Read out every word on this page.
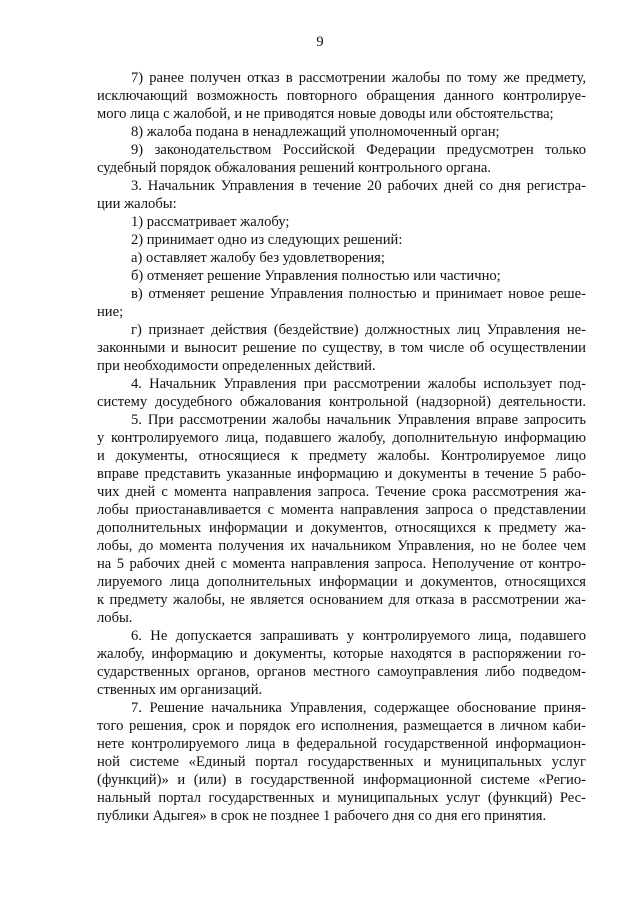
9
7) ранее получен отказ в рассмотрении жалобы по тому же предмету,
исключающий возможность повторного обращения данного контролируе-
мого лица с жалобой, и не приводятся новые доводы или обстоятельства;
8) жалоба подана в ненадлежащий уполномоченный орган;
9) законодательством Российской Федерации предусмотрен только
судебный порядок обжалования решений контрольного органа.
3. Начальник Управления в течение 20 рабочих дней со дня регистра-
ции жалобы:
1) рассматривает жалобу;
2) принимает одно из следующих решений:
а) оставляет жалобу без удовлетворения;
б) отменяет решение Управления полностью или частично;
в) отменяет решение Управления полностью и принимает новое реше-
ние;
г) признает действия (бездействие) должностных лиц Управления не-
законными и выносит решение по существу, в том числе об осуществлении
при необходимости определенных действий.
4. Начальник Управления при рассмотрении жалобы использует под-
систему досудебного обжалования контрольной (надзорной) деятельности.
5. При рассмотрении жалобы начальник Управления вправе запросить
у контролируемого лица, подавшего жалобу, дополнительную информацию
и документы, относящиеся к предмету жалобы. Контролируемое лицо
вправе представить указанные информацию и документы в течение 5 рабо-
чих дней с момента направления запроса. Течение срока рассмотрения жа-
лобы приостанавливается с момента направления запроса о представлении
дополнительных информации и документов, относящихся к предмету жа-
лобы, до момента получения их начальником Управления, но не более чем
на 5 рабочих дней с момента направления запроса. Неполучение от контро-
лируемого лица дополнительных информации и документов, относящихся
к предмету жалобы, не является основанием для отказа в рассмотрении жа-
лобы.
6. Не допускается запрашивать у контролируемого лица, подавшего
жалобу, информацию и документы, которые находятся в распоряжении го-
сударственных органов, органов местного самоуправления либо подведом-
ственных им организаций.
7. Решение начальника Управления, содержащее обоснование приня-
того решения, срок и порядок его исполнения, размещается в личном каби-
нете контролируемого лица в федеральной государственной информацион-
ной системе «Единый портал государственных и муниципальных услуг
(функций)» и (или) в государственной информационной системе «Регио-
нальный портал государственных и муниципальных услуг (функций) Рес-
публики Адыгея» в срок не позднее 1 рабочего дня со дня его принятия.
